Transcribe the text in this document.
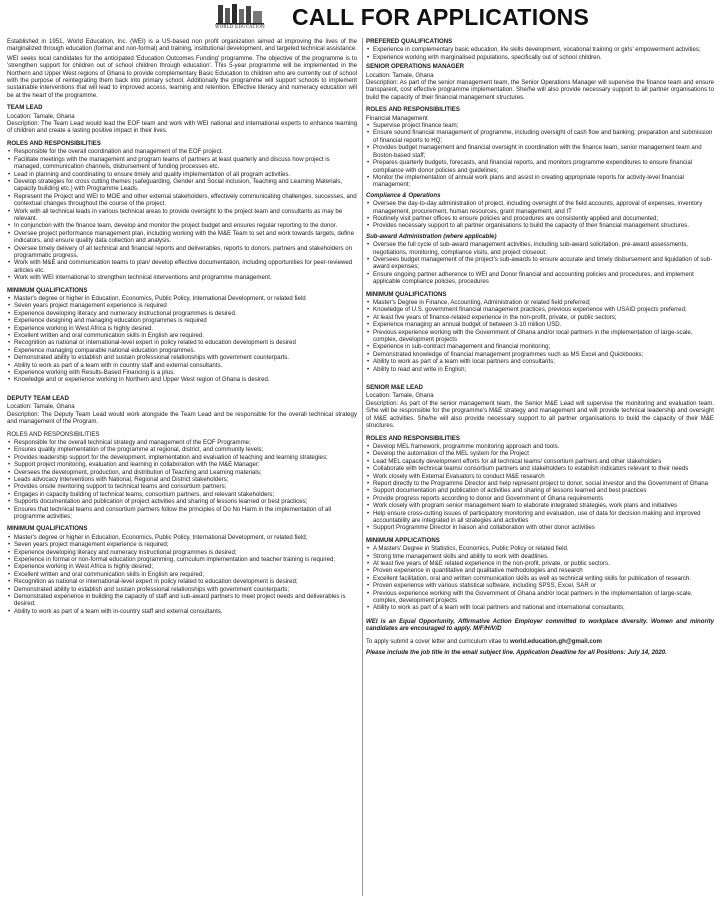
WORLD EDUCATION CALL FOR APPLICATIONS

Established in 1951, World Education, Inc. (WEI) is a US-based non profit organization aimed at improving the lives of the marginalized through education (formal and non-formal) and training, institutional development, and targeted technical assistance.

WEI seeks local candidates for the anticipated 'Education Outcomes Funding' programme. The objective of the programme is to 'strengthen support for children out of school children through education'. This 5-year programme will be implemented in the Northern and Upper West regions of Ghana to provide complementary Basic Education to children who are currently out of school with the purpose of reintegrating them back into primary school. Additionally the programme will support schools to implement sustainable interventions that will lead to improved access, learning and retention. Effective literacy and numeracy education will be at the heart of the programme.

TEAM LEAD

Location: Tamale, Ghana

Description: The Team Lead would lead the EOF team and work with WEI national and international experts to enhance learning of children and create a lasting positive impact in their lives.

ROLES AND RESPONSIBILITIES
• Responsible for the overall coordination and management of the EOF project.
• Facilitate meetings with the management and program teams of partners at least quarterly and discuss how project is managed, communication channels, disbursement of funding processes etc.
• Lead in planning and coordinating to ensure timely and quality implementation of all program activities.
• Develop strategies for cross cutting themes (safeguarding, Gender and Social inclusion, Teaching and Learning Materials, capacity building etc.) with Programme Leads.
• Represent the Project and WEI to MOE and other external stakeholders, effectively communicating challenges, successes, and contextual changes throughout the course of the project.
• Work with all technical leads in various technical areas to provide oversight to the project team and consultants as may be relevant.
• In conjunction with the finance team, develop and monitor the project budget and ensures regular reporting to the donor.
• Oversee project performance management plan, including working with the M&E Team to set and work towards targets, define indicators, and ensure quality data collection and analysis.
• Oversee timely delivery of all technical and financial reports and deliverables, reports to donors, partners and stakeholders on programmatic progress.
• Work with M&E and communication teams to plan/ develop effective documentation, including opportunities for peer-reviewed articles etc.
• Work with WEI international to strengthen technical interventions and programme management.
MINIMUM QUALIFICATIONS
• Master's degree or higher in Education, Economics, Public Policy, International Development, or related field
• Seven years project management experience is required
• Experience developing literacy and numeracy instructional programmes is desired.
• Experience designing and managing education programmes is required
• Experience working in West Africa is highly desired.
• Excellent written and oral communication skills in English are required.
• Recognition as national or international-level expert in policy related to education development is desired
• Experience managing comparable national education programmes.
• Demonstrated ability to establish and sustain professional relationships with government counterparts.
• Ability to work as part of a team with in country staff and external consultants.
• Experience working with Results-Based Financing is a plus.
• Knowledge and or experience working in Northern and Upper West region of Ghana is desired.
DEPUTY TEAM LEAD

Location: Tamale, Ghana

Description: The Deputy Team Lead would work alongside the Team Lead and be responsible for the overall technical strategy and management of the Program.

ROLES AND RESPONSIBILITIES
• Responsible for the overall technical strategy and management of the EOF Programme;
• Ensures quality implementation of the programme at regional, district, and community levels;
• Provides leadership support for the development, implementation and evaluation of teaching and learning strategies;
• Support project monitoring, evaluation and learning in collaboration with the M&E Manager;
• Oversees the development, production, and distribution of Teaching and Learning materials;
• Leads advocacy interventions with National, Regional and District stakeholders;
• Provides onsite mentoring support to technical teams and consortium partners;
• Engages in capacity building of technical teams, consortium partners, and relevant stakeholders;
• Supports documentation and publication of project activities and sharing of lessons learned or best practices;
• Ensures that technical teams and consortium partners follow the principles of Do No Harm in the implementation of all programme activities;
MINIMUM QUALIFICATIONS
• Master's degree or higher in Education, Economics, Public Policy, International Development, or related field;
• Seven years project management experience is required;
• Experience developing literacy and numeracy instructional programmes is desired;
• Experience in formal or non-formal education programming, curriculum implementation and teacher training is required;
• Experience working in West Africa is highly desired;
• Excellent written and oral communication skills in English are required;
• Recognition as national or international-level expert in policy related to education development is desired;
• Demonstrated ability to establish and sustain professional relationships with government counterparts;
• Demonstrated experience in building the capacity of staff and sub-award partners to meet project needs and deliverables is desired;
• Ability to work as part of a team with in-country staff and external consultants.
PREFERED QUALIFICATIONS
• Experience in complementary basic education, life skills development, vocational training or girls' empowerment activities;
• Experience working with marginalised populations, specifically out of school children.
SENIOR OPERATIONS MANAGER

Location: Tamale, Ghana

Description: As part of the senior management team, the Senior Operations Manager will supervise the finance team and ensure transparent, cost effective programme implementation. She/he will also provide necessary support to all partner organisations to build the capacity of their financial management structures.

ROLES AND RESPONSIBILITIES

Financial Management

• Supervise project finance team;
• Ensure sound financial management of programme, including oversight of cash flow and banking; preparation and submission of financial reports to HQ;
• Provides budget management and financial oversight in coordination with the finance team, senior management team and Boston-based staff;
• Prepares quarterly budgets, forecasts, and financial reports, and monitors programme expenditures to ensure financial compliance with donor policies and guidelines;
• Monitor the implementation of annual work plans and assist in creating appropriate reports for activity-level financial management;
Compliance & Operations
• Oversee the day-to-day administration of project, including oversight of the field accounts, approval of expenses, inventory management, procurement, human resources, grant management, and IT
• Routinely visit partner offices to ensure policies and procedures are consistently applied and documented;
• Provides necessary support to all partner organisations to build the capacity of their financial management structures.
Sub-award Administration (where applicable)
• Oversee the full cycle of sub-award management activities, including sub-award solicitation, pre-award assessments, negotiations, monitoring, compliance visits, and project closeout;
• Oversees budget management of the project's sub-awards to ensure accurate and timely disbursement and liquidation of sub-award expenses;
• Ensure ongoing partner adherence to WEI and Donor financial and accounting policies and procedures, and implement applicable compliance policies, procedures
MINIMUM QUALIFICATIONS
• Master's Degree in Finance, Accounting, Administration or related field preferred;
• Knowledge of U.S. government financial management practices, previous experience with USAID projects preferred;
• At least five years of finance-related experience in the non-profit, private, or public sectors;
• Experience managing an annual budget of between 3-10 million USD.
• Previous experience working with the Government of Ghana and/or local partners in the implementation of large-scale, complex, development projects
• Experience in sub-contract management and financial monitoring;
• Demonstrated knowledge of financial management programmes such as MS Excel and Quickbooks;
• Ability to work as part of a team with local partners and consultants;
• Ability to read and write in English;
SENIOR M&E LEAD

Location: Tamale, Ghana

Description: As part of the senior management team, the Senior M&E Lead will supervise the monitoring and evaluation team. S/he will be responsible for the programme's M&E strategy and management and will provide technical leadership and oversight of M&E activities. She/he will also provide necessary support to all partner organisations to build the capacity of their M&E structures.

ROLES AND RESPONSIBILITIES
• Develop MEL framework, programme monitoring approach and tools.
• Develop the automation of the MEL system for the Project
• Lead MEL capacity development efforts for all technical teams/ consortium partners and other stakeholders
• Collaborate with technical teams/ consortium partners and stakeholders to establish indicators relevant to their needs
• Work closely with External Evaluators to conduct M&E research
• Report directly to the Programme Director and help represent project to donor, social investor and the Government of Ghana
• Support documentation and publication of activities and sharing of lessons learned and best practices
• Provide progress reports according to donor and Government of Ghana requirements
• Work closely with program senior management team to elaborate integrated strategies, work plans and initiatives
• Help ensure cross-cutting issues of participatory monitoring and evaluation, use of data for decision making and improved accountability are integrated in all strategies and activities
• Support Programme Director in liaison and collaboration with other donor activities
MINIMUM APPLICATIONS
• A Masters' Degree in Statistics, Economics, Public Policy or related field.
• Strong time management skills and ability to work with deadlines.
• At least five years of M&E related experience in the non-profit, private, or public sectors.
• Proven experience in quantitative and qualitative methodologies and research
• Excellent facilitation, oral and written communication skills as well as technical writing skills for publication of research.
• Proven experience with various statistical software, including SPSS, Excel, SAR or
• Previous experience working with the Government of Ghana and/or local partners in the implementation of large-scale, complex, development projects
• Ability to work as part of a team with local partners and national and international consultants;

WEI is an Equal Opportunity, Affirmative Action Employer committed to workplace diversity. Women and minority candidates are encouraged to apply. M/F/H/V/D

To apply submit a cover letter and curriculum vitae to world.education.gh@gmail.com

Please include the job title in the email subject line. Application Deadline for all Positions: July 14, 2020.
